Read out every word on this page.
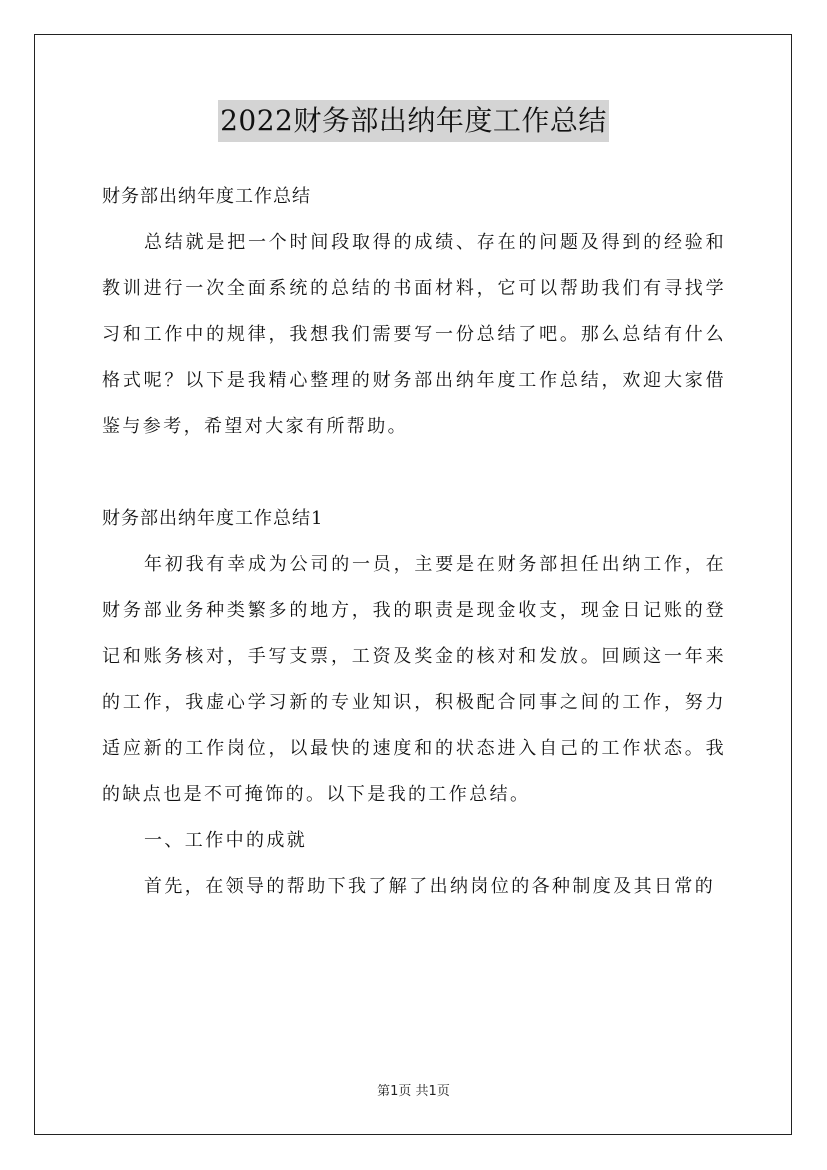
2022财务部出纳年度工作总结

财务部出纳年度工作总结

总结就是把一个时间段取得的成绩、存在的问题及得到的经验和教训进行一次全面系统的总结的书面材料，它可以帮助我们有寻找学习和工作中的规律，我想我们需要写一份总结了吧。那么总结有什么格式呢？以下是我精心整理的财务部出纳年度工作总结，欢迎大家借鉴与参考，希望对大家有所帮助。

财务部出纳年度工作总结1

年初我有幸成为公司的一员，主要是在财务部担任出纳工作，在财务部业务种类繁多的地方，我的职责是现金收支，现金日记账的登记和账务核对，手写支票，工资及奖金的核对和发放。回顾这一年来的工作，我虚心学习新的专业知识，积极配合同事之间的工作，努力适应新的工作岗位，以最快的速度和的状态进入自己的工作状态。我的缺点也是不可掩饰的。以下是我的工作总结。

一、工作中的成就

首先，在领导的帮助下我了解了出纳岗位的各种制度及其日常的

第1页 共1页
